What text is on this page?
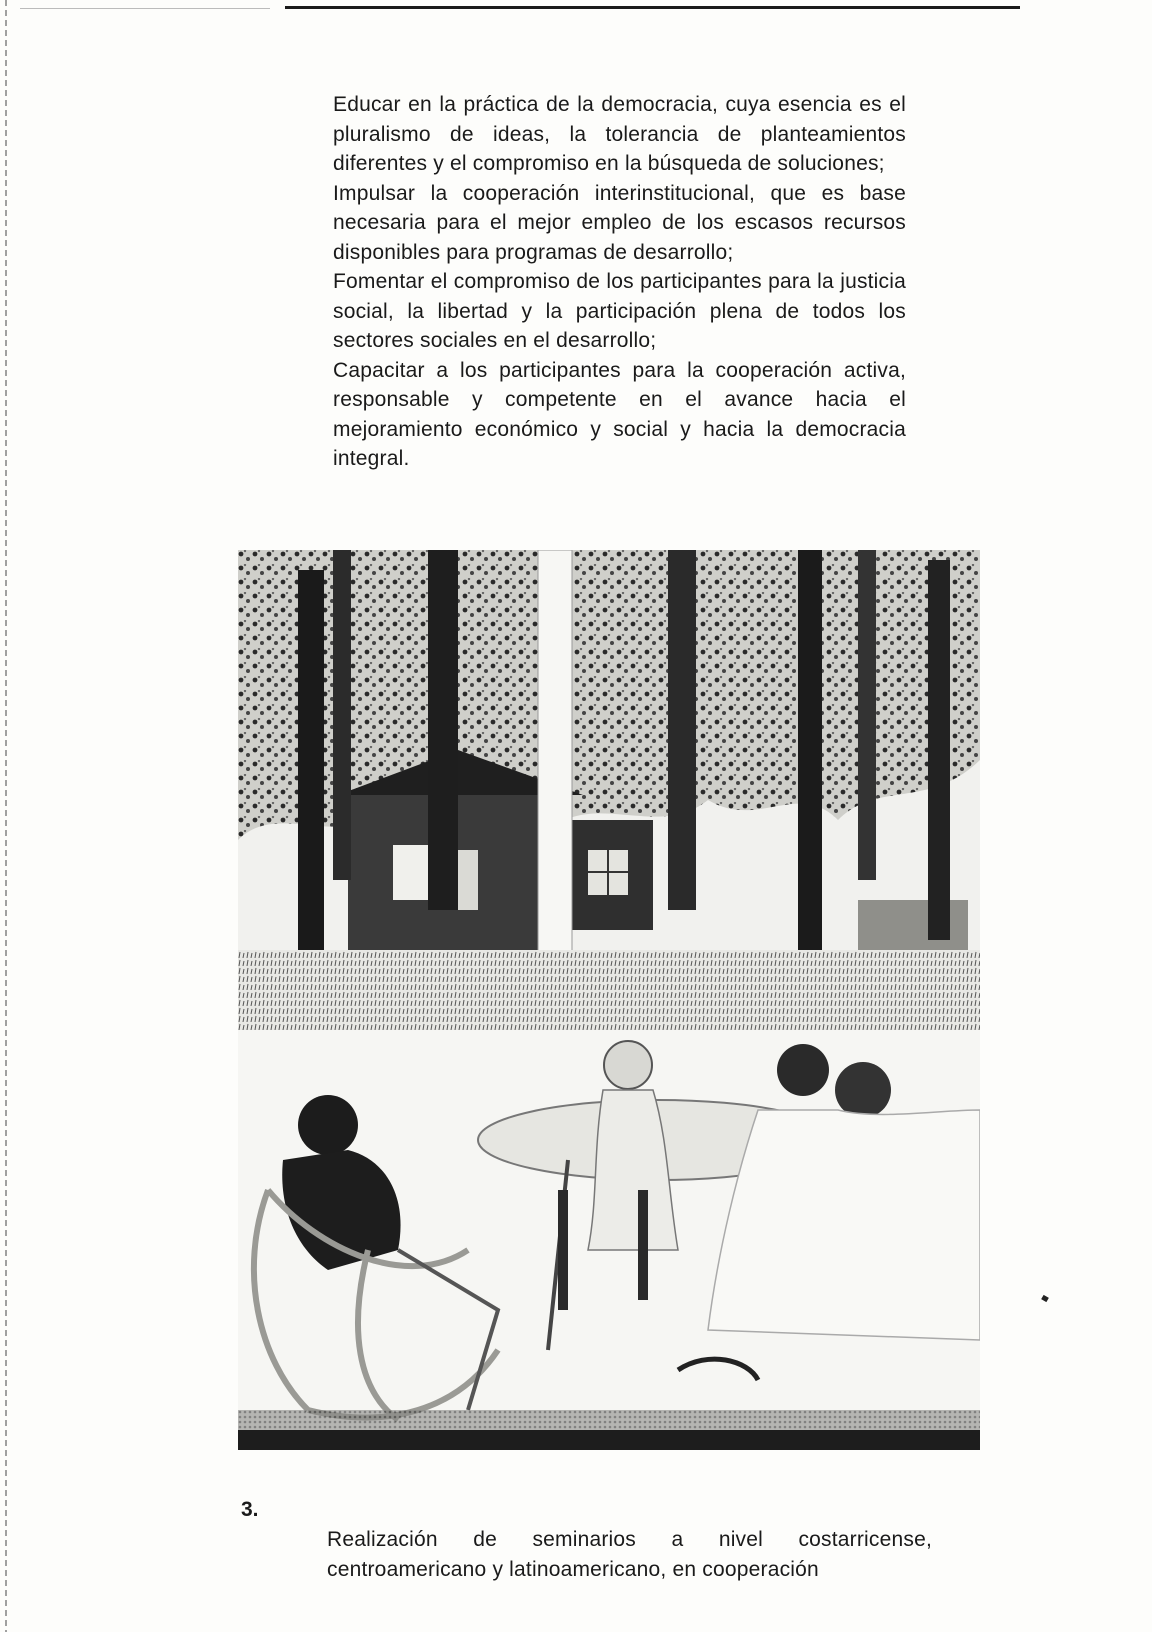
Educar en la práctica de la democracia, cuya esencia es el pluralismo de ideas, la tolerancia de planteamientos diferentes y el compromiso en la búsqueda de soluciones;

Impulsar la cooperación interinstitucional, que es base necesaria para el mejor empleo de los escasos recursos disponibles para programas de desarrollo;

Fomentar el compromiso de los participantes para la justicia social, la libertad y la participación plena de todos los sectores sociales en el desarrollo;

Capacitar a los participantes para la cooperación activa, responsable y competente en el avance hacia el mejoramiento económico y social y hacia la democracia integral.

3.

Realización de seminarios a nivel costarricense, centroamericano y latinoamericano, en cooperación
